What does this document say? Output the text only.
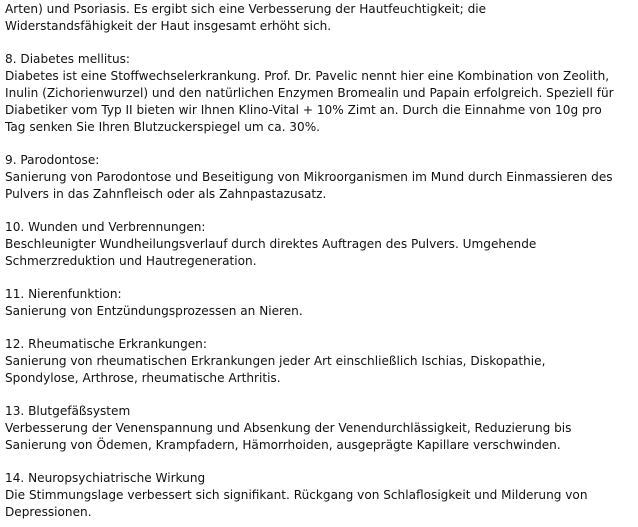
Arten) und Psoriasis. Es ergibt sich eine Verbesserung der Hautfeuchtigkeit; die
Widerstandsfähigkeit der Haut insgesamt erhöht sich.
8. Diabetes mellitus:
Diabetes ist eine Stoffwechselerkrankung. Prof. Dr. Pavelic nennt hier eine Kombination von Zeolith,
Inulin (Zichorienwurzel) und den natürlichen Enzymen Bromealin und Papain erfolgreich. Speziell für
Diabetiker vom Typ II bieten wir Ihnen Klino-Vital + 10% Zimt an. Durch die Einnahme von 10g pro
Tag senken Sie Ihren Blutzuckerspiegel um ca. 30%.
9. Parodontose:
Sanierung von Parodontose und Beseitigung von Mikroorganismen im Mund durch Einmassieren des
Pulvers in das Zahnfleisch oder als Zahnpastazusatz.
10. Wunden und Verbrennungen:
Beschleunigter Wundheilungsverlauf durch direktes Auftragen des Pulvers. Umgehende
Schmerzreduktion und Hautregeneration.
11. Nierenfunktion:
Sanierung von Entzündungsprozessen an Nieren.
12. Rheumatische Erkrankungen:
Sanierung von rheumatischen Erkrankungen jeder Art einschließlich Ischias, Diskopathie,
Spondylose, Arthrose, rheumatische Arthritis.
13. Blutgefäßsystem
Verbesserung der Venenspannung und Absenkung der Venendurchlässigkeit, Reduzierung bis
Sanierung von Ödemen, Krampfadern, Hämorrhoiden, ausgeprägte Kapillare verschwinden.
14. Neuropsychiatrische Wirkung
Die Stimmungslage verbessert sich signifikant. Rückgang von Schlaflosigkeit und Milderung von
Depressionen.
